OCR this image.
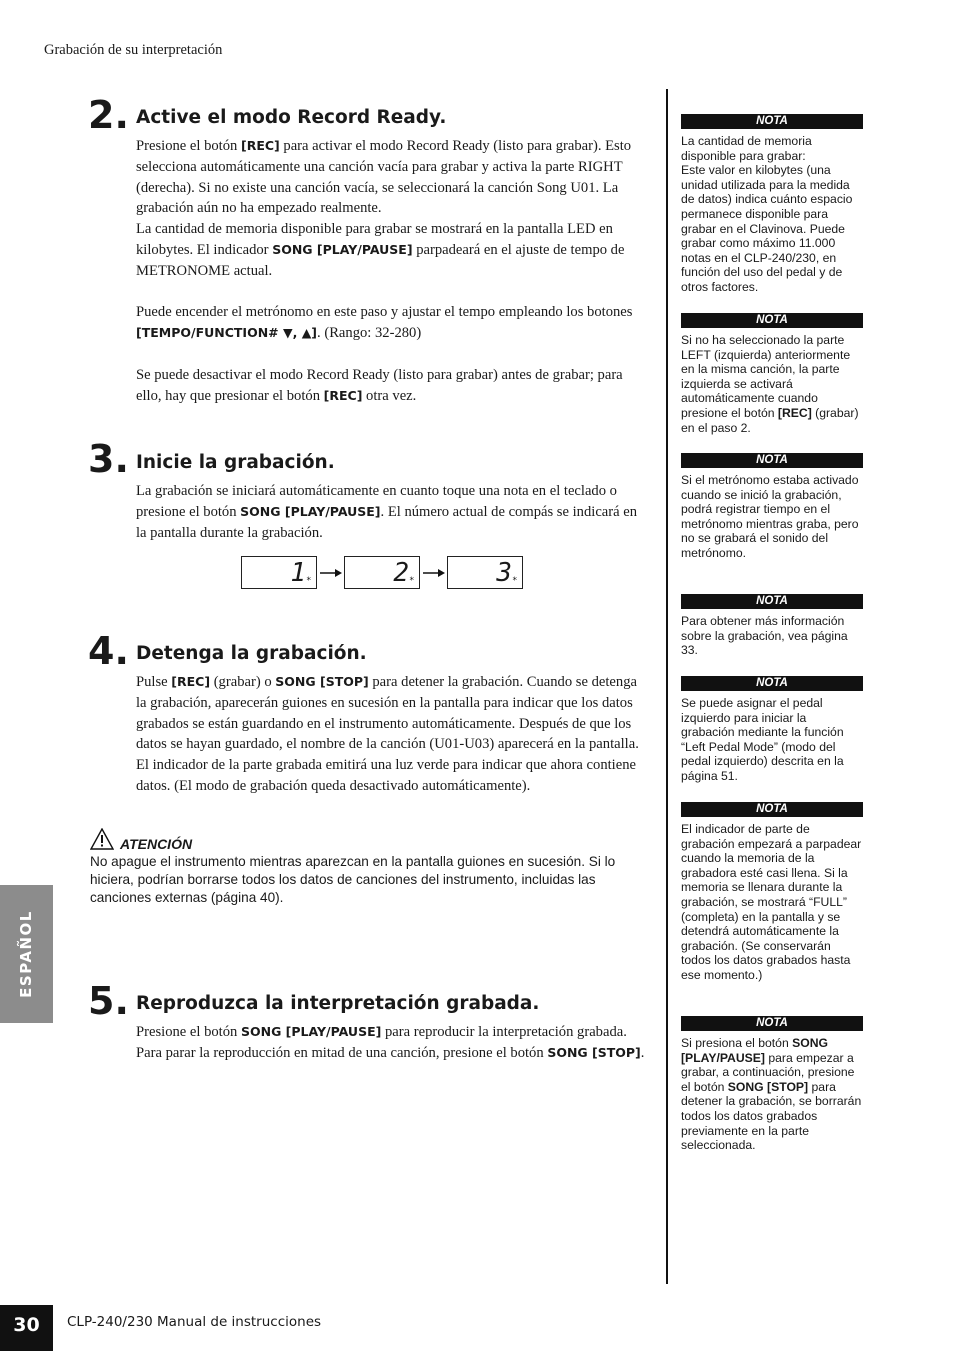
Grabación de su interpretación
2. Active el modo Record Ready.

Presione el botón [REC] para activar el modo Record Ready (listo para grabar). Esto selecciona automáticamente una canción vacía para grabar y activa la parte RIGHT (derecha). Si no existe una canción vacía, se seleccionará la canción Song U01. La grabación aún no ha empezado realmente.

La cantidad de memoria disponible para grabar se mostrará en la pantalla LED en kilobytes. El indicador SONG [PLAY/PAUSE] parpadeará en el ajuste de tempo de METRONOME actual.

Puede encender el metrónomo en este paso y ajustar el tempo empleando los botones [TEMPO/FUNCTION# ▼, ▲]. (Rango: 32-280)

Se puede desactivar el modo Record Ready (listo para grabar) antes de grabar; para ello, hay que presionar el botón [REC] otra vez.

3. Inicie la grabación.

La grabación se iniciará automáticamente en cuanto toque una nota en el teclado o presione el botón SONG [PLAY/PAUSE]. El número actual de compás se indicará en la pantalla durante la grabación.

1 *	2 *	3 *
4. Detenga la grabación.

Pulse [REC] (grabar) o SONG [STOP] para detener la grabación. Cuando se detenga la grabación, aparecerán guiones en sucesión en la pantalla para indicar que los datos grabados se están guardando en el instrumento automáticamente. Después de que los datos se hayan guardado, el nombre de la canción (U01-U03) aparecerá en la pantalla. El indicador de la parte grabada emitirá una luz verde para indicar que ahora contiene datos. (El modo de grabación queda desactivado automáticamente).

ATENCIÓN
No apague el instrumento mientras aparezcan en la pantalla guiones en sucesión. Si lo hiciera, podrían borrarse todos los datos de canciones del instrumento, incluidas las canciones externas (página 40).
5. Reproduzca la interpretación grabada.

Presione el botón SONG [PLAY/PAUSE] para reproducir la interpretación grabada. Para parar la reproducción en mitad de una canción, presione el botón SONG [STOP].

ESPAÑOL
NOTA
La cantidad de memoria disponible para grabar:
Este valor en kilobytes (una unidad utilizada para la medida de datos) indica cuánto espacio permanece disponible para grabar en el Clavinova. Puede grabar como máximo 11.000 notas en el CLP-240/230, en función del uso del pedal y de otros factores.
NOTA
Si no ha seleccionado la parte LEFT (izquierda) anteriormente en la misma canción, la parte izquierda se activará automáticamente cuando presione el botón [REC] (grabar) en el paso 2.
NOTA
Si el metrónomo estaba activado cuando se inició la grabación, podrá registrar tiempo en el metrónomo mientras graba, pero no se grabará el sonido del metrónomo.
NOTA
Para obtener más información sobre la grabación, vea página 33.
NOTA
Se puede asignar el pedal izquierdo para iniciar la grabación mediante la función “Left Pedal Mode” (modo del pedal izquierdo) descrita en la página 51.
NOTA
El indicador de parte de grabación empezará a parpadear cuando la memoria de la grabadora esté casi llena. Si la memoria se llenara durante la grabación, se mostrará “FULL” (completa) en la pantalla y se detendrá automáticamente la grabación. (Se conservarán todos los datos grabados hasta ese momento.)
NOTA
Si presiona el botón SONG [PLAY/PAUSE] para empezar a grabar, a continuación, presione el botón SONG [STOP] para detener la grabación, se borrarán todos los datos grabados previamente en la parte seleccionada.
30	CLP-240/230 Manual de instrucciones
